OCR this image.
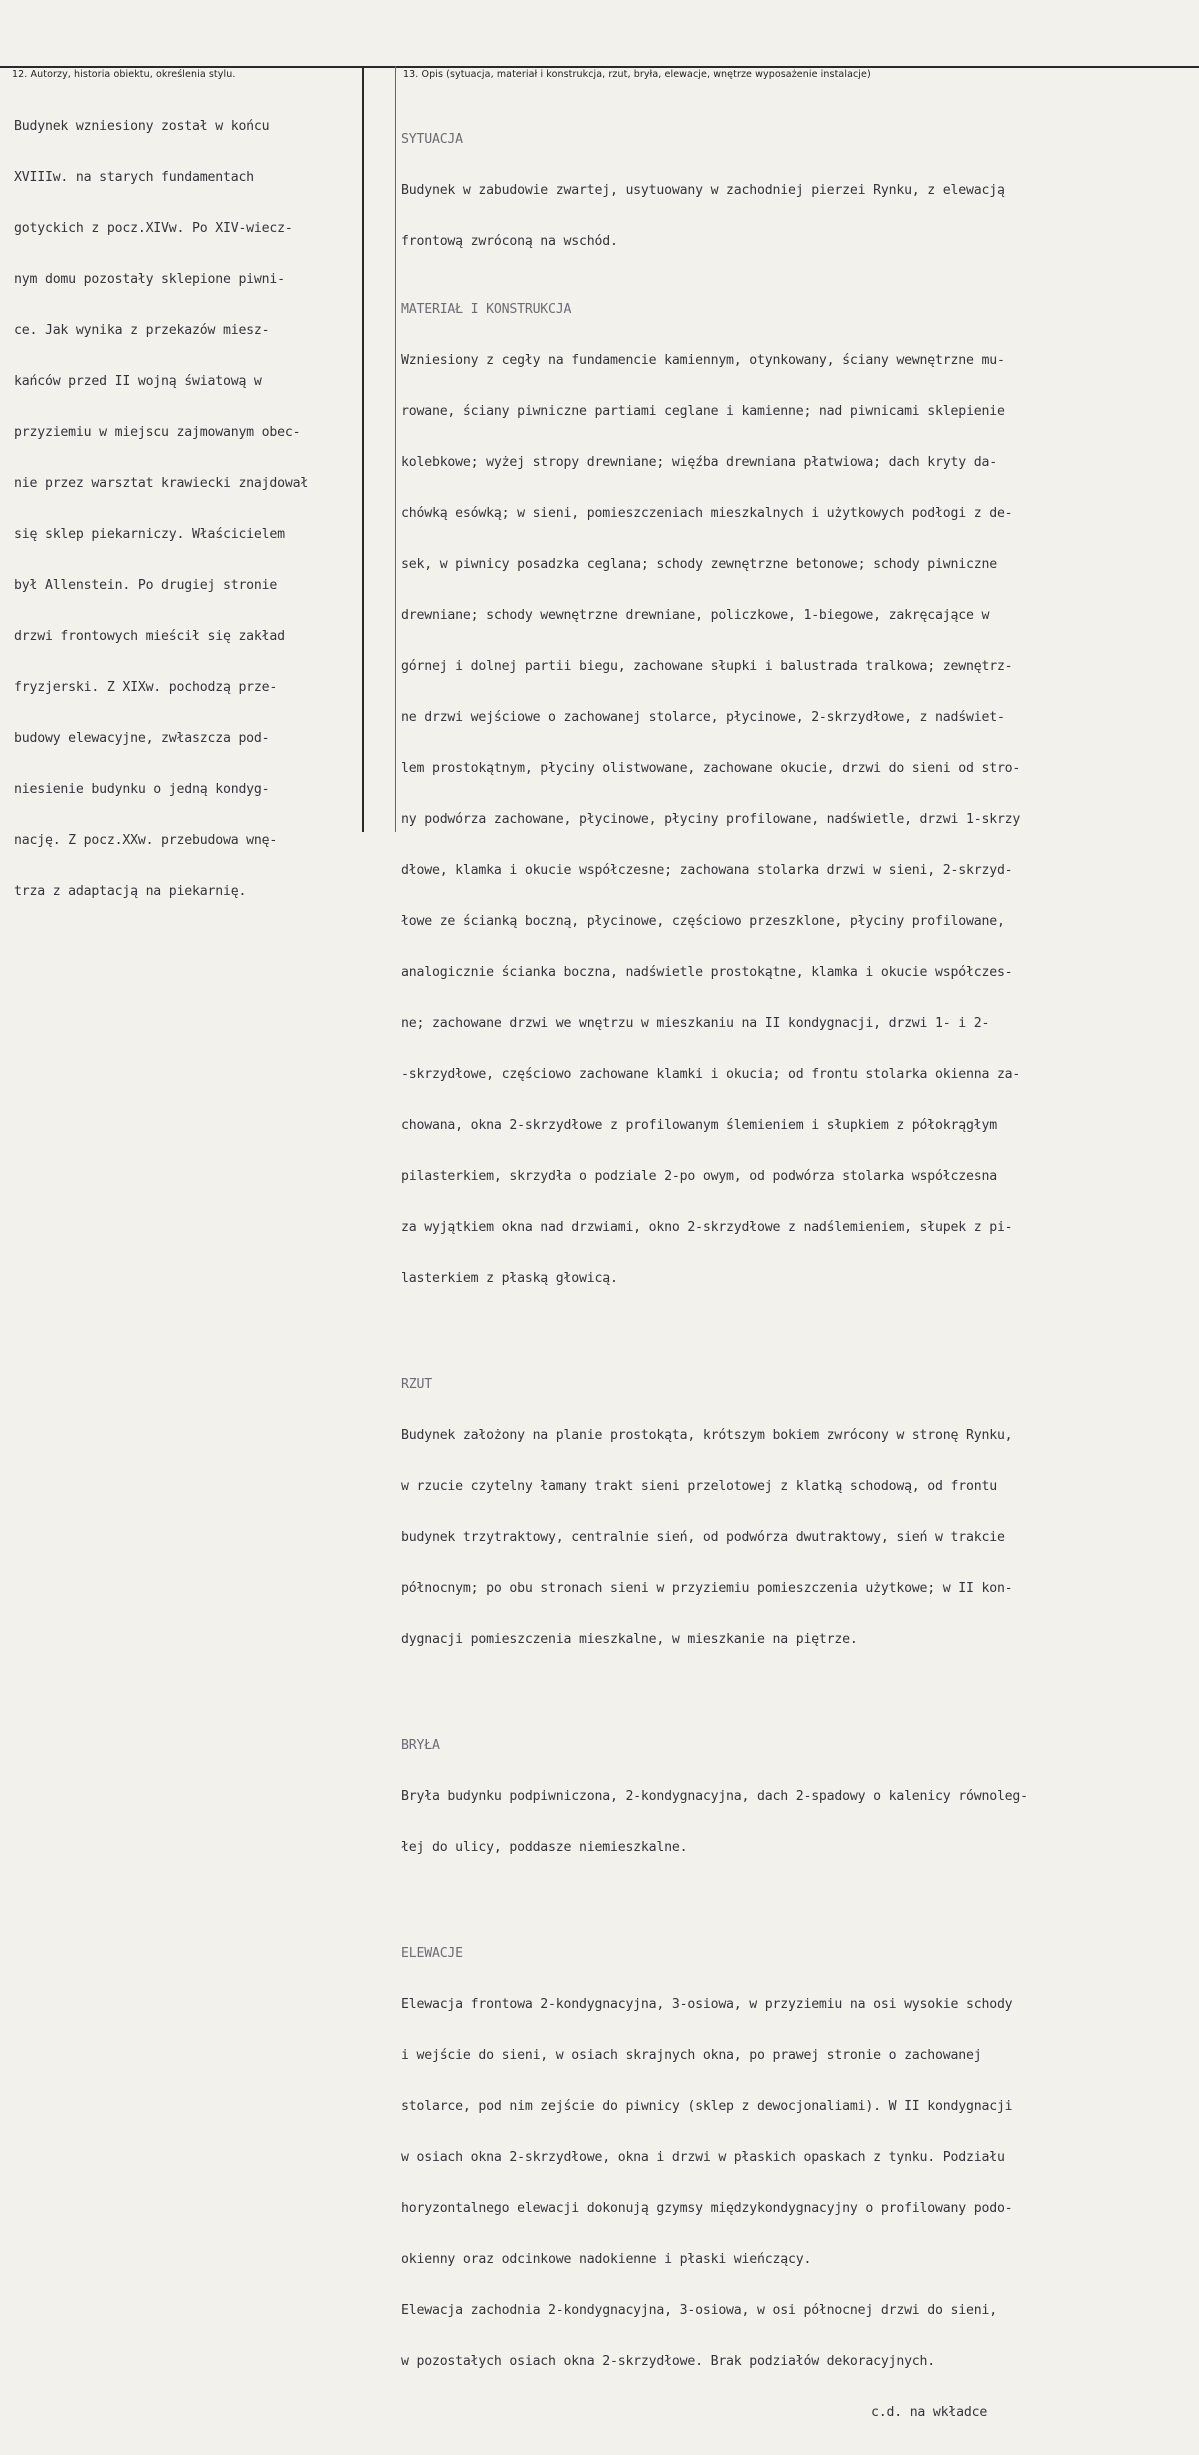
12. Autorzy, historia obiektu, określenia stylu.	13. Opis (sytuacja, materiał i konstrukcja, rzut, bryła, elewacje, wnętrze wyposażenie instalacje)

Budynek wzniesiony został w końcu

XVIIIw. na starych fundamentach

gotyckich z pocz.XIVw. Po XIV-wiecz-

nym domu pozostały sklepione piwni-

ce. Jak wynika z przekazów miesz-

kańców przed II wojną światową w

przyziemiu w miejscu zajmowanym obec-

nie przez warsztat krawiecki znajdował

się sklep piekarniczy. Właścicielem

był Allenstein. Po drugiej stronie

drzwi frontowych mieścił się zakład

fryzjerski. Z XIXw. pochodzą prze-

budowy elewacyjne, zwłaszcza pod-

niesienie budynku o jedną kondyg-

nację. Z pocz.XXw. przebudowa wnę-

trza z adaptacją na piekarnię.

SYTUACJA

Budynek w zabudowie zwartej, usytuowany w zachodniej pierzei Rynku, z elewacją

frontową zwróconą na wschód.

MATERIAŁ I KONSTRUKCJA

Wzniesiony z cegły na fundamencie kamiennym, otynkowany, ściany wewnętrzne mu-

rowane, ściany piwniczne partiami ceglane i kamienne; nad piwnicami sklepienie

kolebkowe; wyżej stropy drewniane; więźba drewniana płatwiowa; dach kryty da-

chówką esówką; w sieni, pomieszczeniach mieszkalnych i użytkowych podłogi z de-

sek, w piwnicy posadzka ceglana; schody zewnętrzne betonowe; schody piwniczne

drewniane; schody wewnętrzne drewniane, policzkowe, 1-biegowe, zakręcające w

górnej i dolnej partii biegu, zachowane słupki i balustrada tralkowa; zewnętrz-

ne drzwi wejściowe o zachowanej stolarce, płycinowe, 2-skrzydłowe, z nadświet-

lem prostokątnym, płyciny olistwowane, zachowane okucie, drzwi do sieni od stro-

ny podwórza zachowane, płycinowe, płyciny profilowane, nadświetle, drzwi 1-skrzy

dłowe, klamka i okucie współczesne; zachowana stolarka drzwi w sieni, 2-skrzyd-

łowe ze ścianką boczną, płycinowe, częściowo przeszklone, płyciny profilowane,

analogicznie ścianka boczna, nadświetle prostokątne, klamka i okucie współczes-

ne; zachowane drzwi we wnętrzu w mieszkaniu na II kondygnacji, drzwi 1- i 2-

-skrzydłowe, częściowo zachowane klamki i okucia; od frontu stolarka okienna za-

chowana, okna 2-skrzydłowe z profilowanym ślemieniem i słupkiem z półokrągłym

pilasterkiem, skrzydła o podziale 2-po owym, od podwórza stolarka współczesna

za wyjątkiem okna nad drzwiami, okno 2-skrzydłowe z nadślemieniem, słupek z pi-

lasterkiem z płaską głowicą.

RZUT

Budynek założony na planie prostokąta, krótszym bokiem zwrócony w stronę Rynku,

w rzucie czytelny łamany trakt sieni przelotowej z klatką schodową, od frontu

budynek trzytraktowy, centralnie sień, od podwórza dwutraktowy, sień w trakcie

północnym; po obu stronach sieni w przyziemiu pomieszczenia użytkowe; w II kon-

dygnacji pomieszczenia mieszkalne, w mieszkanie na piętrze.

BRYŁA

Bryła budynku podpiwniczona, 2-kondygnacyjna, dach 2-spadowy o kalenicy równoleg-

łej do ulicy, poddasze niemieszkalne.

ELEWACJE

Elewacja frontowa 2-kondygnacyjna, 3-osiowa, w przyziemiu na osi wysokie schody

i wejście do sieni, w osiach skrajnych okna, po prawej stronie o zachowanej

stolarce, pod nim zejście do piwnicy (sklep z dewocjonaliami). W II kondygnacji

w osiach okna 2-skrzydłowe, okna i drzwi w płaskich opaskach z tynku. Podziału

horyzontalnego elewacji dokonują gzymsy międzykondygnacyjny o profilowany podo-

okienny oraz odcinkowe nadokienne i płaski wieńczący.

Elewacja zachodnia 2-kondygnacyjna, 3-osiowa, w osi północnej drzwi do sieni,

w pozostałych osiach okna 2-skrzydłowe. Brak podziałów dekoracyjnych.

c.d. na wkładce
